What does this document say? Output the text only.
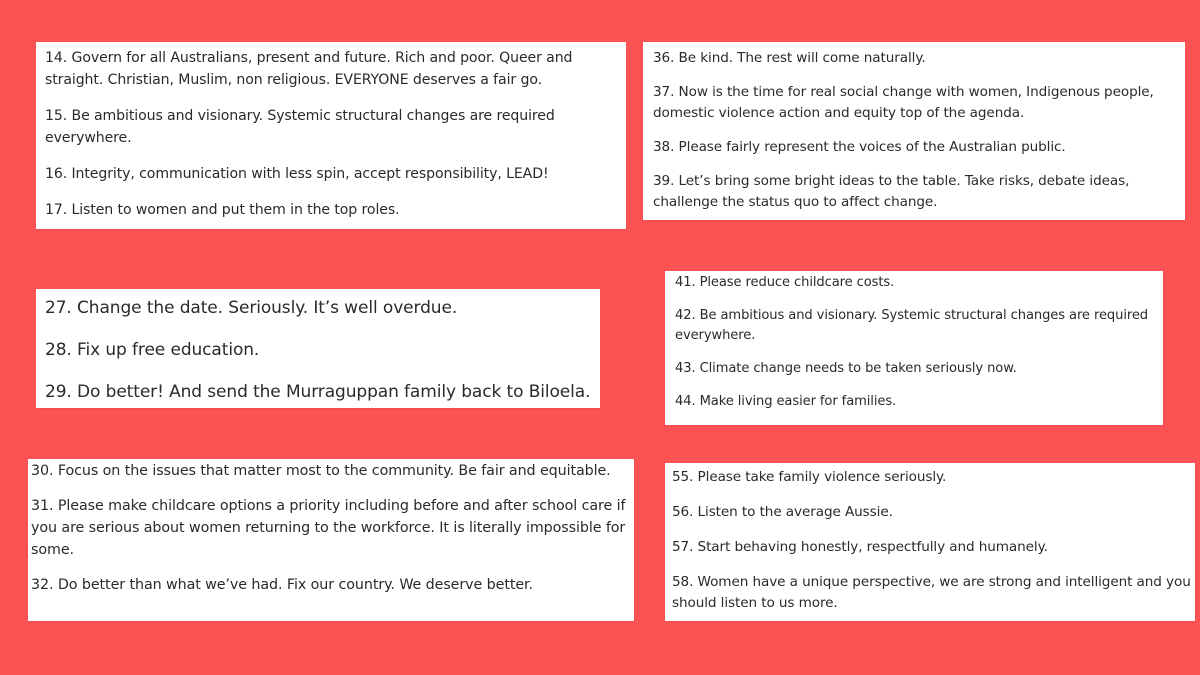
14. Govern for all Australians, present and future. Rich and poor. Queer and straight. Christian, Muslim, non religious. EVERYONE deserves a fair go.

15. Be ambitious and visionary. Systemic structural changes are required everywhere.

16. Integrity, communication with less spin, accept responsibility, LEAD!

17. Listen to women and put them in the top roles.

36. Be kind. The rest will come naturally.

37. Now is the time for real social change with women, Indigenous people, domestic violence action and equity top of the agenda.

38. Please fairly represent the voices of the Australian public.

39. Let’s bring some bright ideas to the table. Take risks, debate ideas, challenge the status quo to affect change.

27. Change the date. Seriously. It’s well overdue.

28. Fix up free education.

29. Do better! And send the Murraguppan family back to Biloela.

41. Please reduce childcare costs.

42. Be ambitious and visionary. Systemic structural changes are required everywhere.

43. Climate change needs to be taken seriously now.

44. Make living easier for families.

30. Focus on the issues that matter most to the community. Be fair and equitable.

31. Please make childcare options a priority including before and after school care if you are serious about women returning to the workforce. It is literally impossible for some.

32. Do better than what we’ve had. Fix our country. We deserve better.

55. Please take family violence seriously.

56. Listen to the average Aussie.

57. Start behaving honestly, respectfully and humanely.

58. Women have a unique perspective, we are strong and intelligent and you should listen to us more.
